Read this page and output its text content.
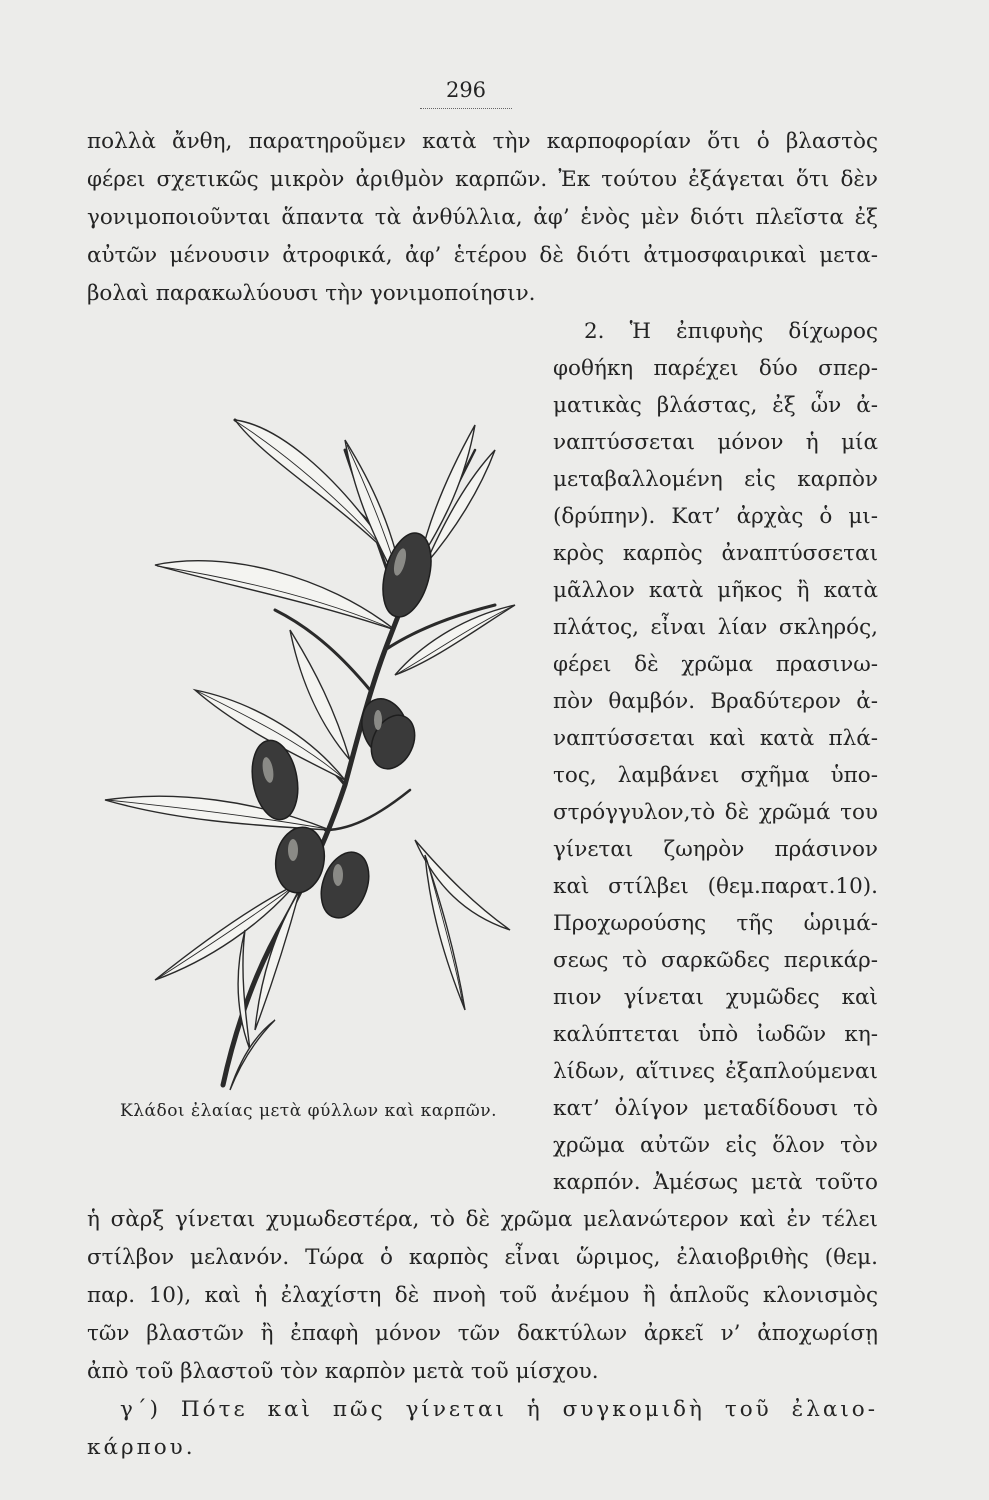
296
πολλὰ ἄνθη, παρατηροῦμεν κατὰ τὴν καρποφορίαν ὅτι ὁ βλαστὸς
φέρει σχετικῶς μικρὸν ἀριθμὸν καρπῶν. Ἐκ τούτου ἐξάγεται ὅτι δὲν
γονιμοποιοῦνται ἅπαντα τὰ ἀνθύλλια, ἀφ’ ἑνὸς μὲν διότι πλεῖστα ἐξ
αὐτῶν μένουσιν ἀτροφικά, ἀφ’ ἑτέρου δὲ διότι ἀτμοσφαιρικαὶ μετα-
βολαὶ παρακωλύουσι τὴν γονιμοποίησιν.
2. Ἡ ἐπιφυὴς δίχωρος
φοθήκη παρέχει δύο σπερ-
ματικὰς βλάστας, ἐξ ὧν ἀ-
ναπτύσσεται μόνον ἡ μία
μεταβαλλομένη εἰς καρπὸν
(δρύπην). Κατ’ ἀρχὰς ὁ μι-
κρὸς καρπὸς ἀναπτύσσεται
μᾶλλον κατὰ μῆκος ἢ κατὰ
πλάτος, εἶναι λίαν σκληρός,
φέρει δὲ χρῶμα πρασινω-
πὸν θαμβόν. Βραδύτερον ἀ-
ναπτύσσεται καὶ κατὰ πλά-
τος, λαμβάνει σχῆμα ὑπο-
στρόγγυλον,τὸ δὲ χρῶμά του
γίνεται ζωηρὸν πράσινον
καὶ στίλβει (θεμ.παρατ.10).
Προχωρούσης τῆς ὡριμά-
σεως τὸ σαρκῶδες περικάρ-
πιον γίνεται χυμῶδες καὶ
καλύπτεται ὑπὸ ἰωδῶν κη-
λίδων, αἵτινες ἐξαπλούμεναι
κατ’ ὀλίγον μεταδίδουσι τὸ
χρῶμα αὐτῶν εἰς ὅλον τὸν
καρπόν. Ἀμέσως μετὰ τοῦτο
Κλάδοι ἐλαίας μετὰ φύλλων καὶ καρπῶν.
ἡ σὰρξ γίνεται χυμωδεστέρα, τὸ δὲ χρῶμα μελανώτερον καὶ ἐν τέλει
στίλβον μελανόν. Τώρα ὁ καρπὸς εἶναι ὥριμος, ἐλαιοβριθὴς (θεμ.
παρ. 10), καὶ ἡ ἐλαχίστη δὲ πνοὴ τοῦ ἀνέμου ἢ ἁπλοῦς κλονισμὸς
τῶν βλαστῶν ἢ ἐπαφὴ μόνον τῶν δακτύλων ἀρκεῖ ν’ ἀποχωρίσῃ
ἀπὸ τοῦ βλαστοῦ τὸν καρπὸν μετὰ τοῦ μίσχου.
γ΄) Πότε καὶ πῶς γίνεται ἡ συγκομιδὴ τοῦ ἐλαιο-
κάρπου.
